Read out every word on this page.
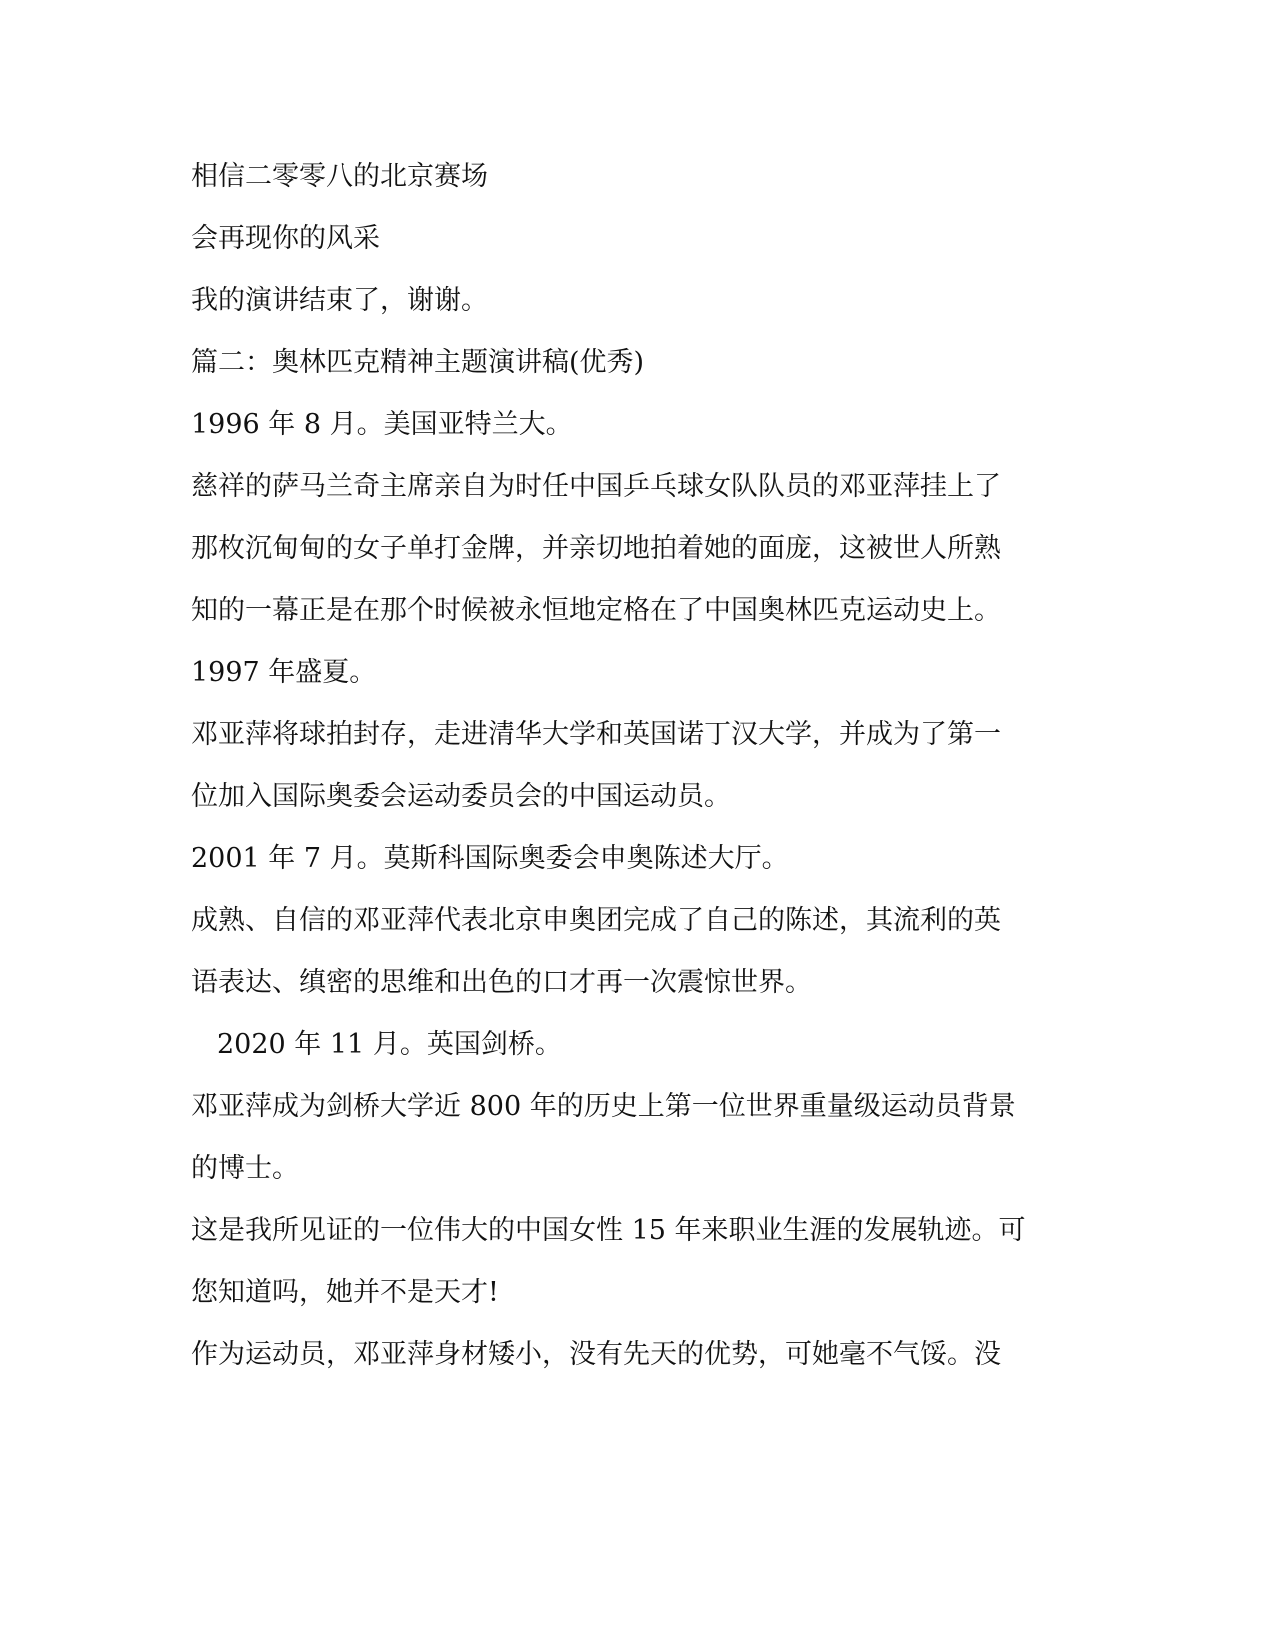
相信二零零八的北京赛场

会再现你的风采

我的演讲结束了，谢谢。

篇二：奥林匹克精神主题演讲稿(优秀)

1996 年 8 月。美国亚特兰大。

慈祥的萨马兰奇主席亲自为时任中国乒乓球女队队员的邓亚萍挂上了

那枚沉甸甸的女子单打金牌，并亲切地拍着她的面庞，这被世人所熟

知的一幕正是在那个时候被永恒地定格在了中国奥林匹克运动史上。

1997 年盛夏。

邓亚萍将球拍封存，走进清华大学和英国诺丁汉大学，并成为了第一

位加入国际奥委会运动委员会的中国运动员。

2001 年 7 月。莫斯科国际奥委会申奥陈述大厅。

成熟、自信的邓亚萍代表北京申奥团完成了自己的陈述，其流利的英

语表达、缜密的思维和出色的口才再一次震惊世界。

2020 年 11 月。英国剑桥。

邓亚萍成为剑桥大学近 800 年的历史上第一位世界重量级运动员背景

的博士。

这是我所见证的一位伟大的中国女性 15 年来职业生涯的发展轨迹。可

您知道吗，她并不是天才!

作为运动员，邓亚萍身材矮小，没有先天的优势，可她毫不气馁。没
